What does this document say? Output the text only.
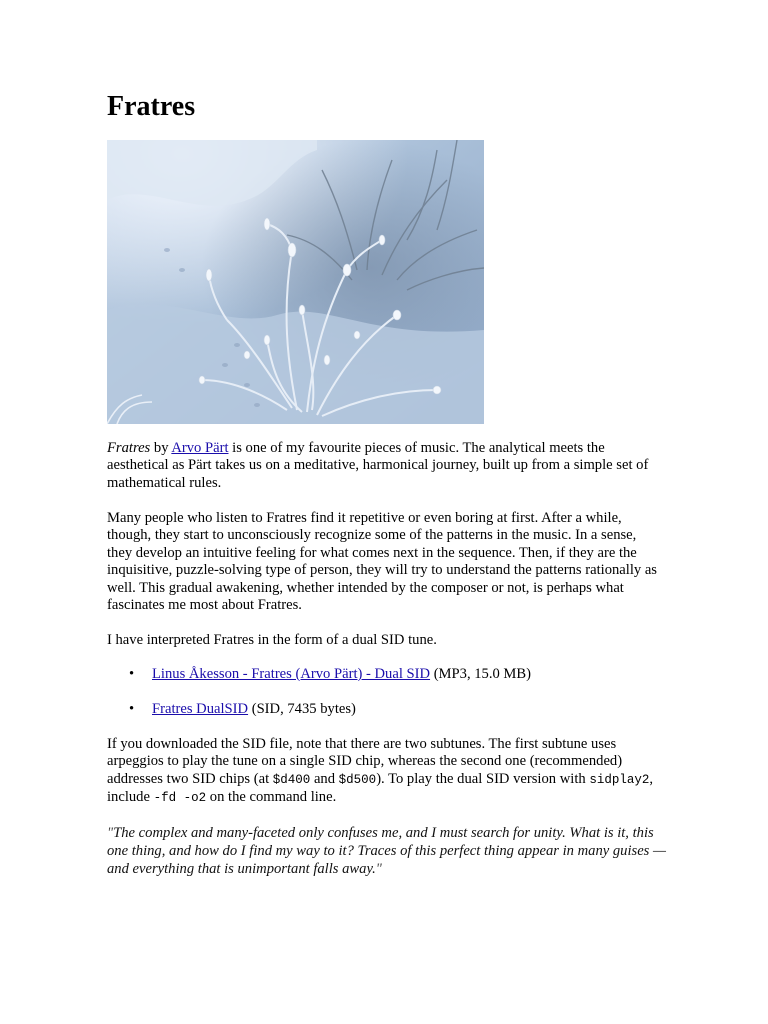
Fratres

Fratres by Arvo Pärt is one of my favourite pieces of music. The analytical meets the aesthetical as Pärt takes us on a meditative, harmonical journey, built up from a simple set of mathematical rules.

Many people who listen to Fratres find it repetitive or even boring at first. After a while, though, they start to unconsciously recognize some of the patterns in the music. In a sense, they develop an intuitive feeling for what comes next in the sequence. Then, if they are the inquisitive, puzzle-solving type of person, they will try to understand the patterns rationally as well. This gradual awakening, whether intended by the composer or not, is perhaps what fascinates me most about Fratres.

I have interpreted Fratres in the form of a dual SID tune.

• Linus Åkesson - Fratres (Arvo Pärt) - Dual SID (MP3, 15.0 MB)
• Fratres DualSID (SID, 7435 bytes)

If you downloaded the SID file, note that there are two subtunes. The first subtune uses arpeggios to play the tune on a single SID chip, whereas the second one (recommended) addresses two SID chips (at $d400 and $d500). To play the dual SID version with sidplay2, include -fd -o2 on the command line.

"The complex and many-faceted only confuses me, and I must search for unity. What is it, this one thing, and how do I find my way to it? Traces of this perfect thing appear in many guises — and everything that is unimportant falls away."
